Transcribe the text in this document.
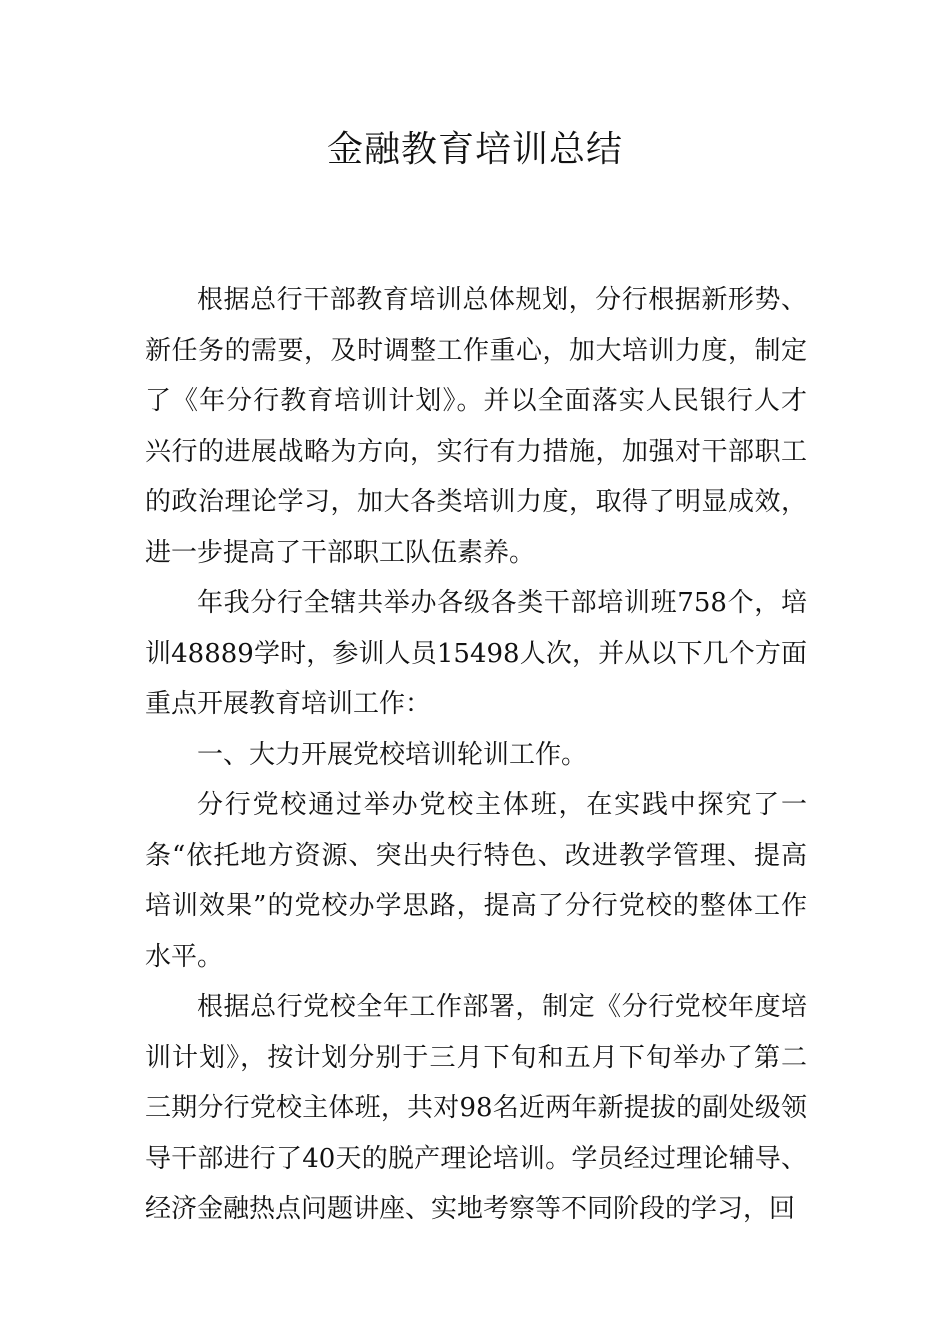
金融教育培训总结

根据总行干部教育培训总体规划，分行根据新形势、新任务的需要，及时调整工作重心，加大培训力度，制定了《年分行教育培训计划》。并以全面落实人民银行人才兴行的进展战略为方向，实行有力措施，加强对干部职工的政治理论学习，加大各类培训力度，取得了明显成效，进一步提高了干部职工队伍素养。

年我分行全辖共举办各级各类干部培训班758个，培训48889学时，参训人员15498人次，并从以下几个方面重点开展教育培训工作：

一、大力开展党校培训轮训工作。

分行党校通过举办党校主体班，在实践中探究了一条“依托地方资源、突出央行特色、改进教学管理、提高培训效果”的党校办学思路，提高了分行党校的整体工作水平。

根据总行党校全年工作部署，制定《分行党校年度培训计划》，按计划分别于三月下旬和五月下旬举办了第二三期分行党校主体班，共对98名近两年新提拔的副处级领导干部进行了40天的脱产理论培训。学员经过理论辅导、经济金融热点问题讲座、实地考察等不同阶段的学习，回
